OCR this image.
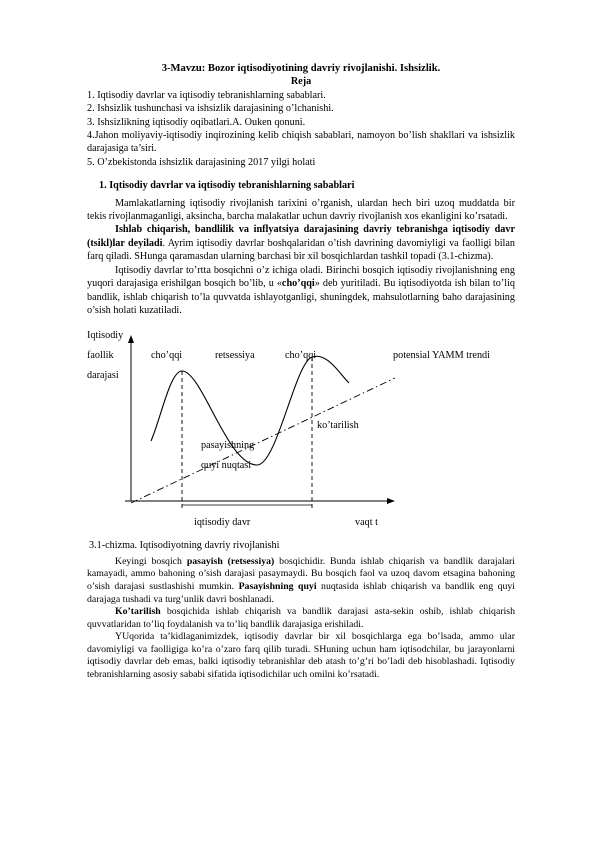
3-Mavzu: Bozor iqtisodiyotining davriy rivojlanishi. Ishsizlik.

Reja

1. Iqtisodiy davrlar va iqtisodiy tebranishlarning sabablari.

2. Ishsizlik tushunchasi va ishsizlik darajasining o’lchanishi.

3. Ishsizlikning iqtisodiy oqibatlari.A. Ouken qonuni.

4.Jahon moliyaviy-iqtisodiy inqirozining kelib chiqish sabablari, namoyon bo’lish shakllari va ishsizlik darajasiga ta’siri.

5. O’zbekistonda ishsizlik darajasining 2017 yilgi holati

1. Iqtisodiy davrlar va iqtisodiy tebranishlarning sabablari

Mamlakatlarning iqtisodiy rivojlanish tarixini o’rganish, ulardan hech biri uzoq muddatda bir tekis rivojlanmaganligi, aksincha, barcha malakatlar uchun davriy rivojlanish xos ekanligini ko’rsatadi.

Ishlab chiqarish, bandlilik va inflyatsiya darajasining davriy tebranishga iqtisodiy davr (tsikl)lar deyiladi. Ayrim iqtisodiy davrlar boshqalaridan o’tish davrining davomiyligi va faolligi bilan farq qiladi. SHunga qaramasdan ularning barchasi bir xil bosqichlardan tashkil topadi (3.1-chizma).

Iqtisodiy davrlar to’rtta bosqichni o’z ichiga oladi. Birinchi bosqich iqtisodiy rivojlanishning eng yuqori darajasiga erishilgan bosqich bo’lib, u «cho’qqi» deb yuritiladi. Bu iqtisodiyotda ish bilan to’liq bandlik, ishlab chiqarish to’la quvvatda ishlayotganligi, shuningdek, mahsulotlarning baho darajasining o’sish holati kuzatiladi.

Iqtisodiy
faollik
darajasi
cho’qqi	retsessiya	cho’qqi	potensial YAMM trendi
ko’tarilish
pasayishning
quyi nuqtasi
iqtisodiy davr	vaqt t

3.1-chizma. Iqtisodiyotning davriy rivojlanishi

Keyingi bosqich pasayish (retsessiya) bosqichidir. Bunda ishlab chiqarish va bandlik darajalari kamayadi, ammo bahoning o’sish darajasi pasaymaydi. Bu bosqich faol va uzoq davom etsagina bahoning o’sish darajasi sustlashishi mumkin. Pasayishning quyi nuqtasida ishlab chiqarish va bandlik eng quyi darajaga tushadi va turg’unlik davri boshlanadi.

Ko’tarilish bosqichida ishlab chiqarish va bandlik darajasi asta-sekin oshib, ishlab chiqarish quvvatlaridan to’liq foydalanish va to’liq bandlik darajasiga erishiladi.

YUqorida ta’kidlaganimizdek, iqtisodiy davrlar bir xil bosqichlarga ega bo’lsada, ammo ular davomiyligi va faolligiga ko’ra o’zaro farq qilib turadi. SHuning uchun ham iqtisodchilar, bu jarayonlarni iqtisodiy davrlar deb emas, balki iqtisodiy tebranishlar deb atash to’g’ri bo’ladi deb hisoblashadi. Iqtisodiy tebranishlarning asosiy sababi sifatida iqtisodichilar uch omilni ko’rsatadi.
